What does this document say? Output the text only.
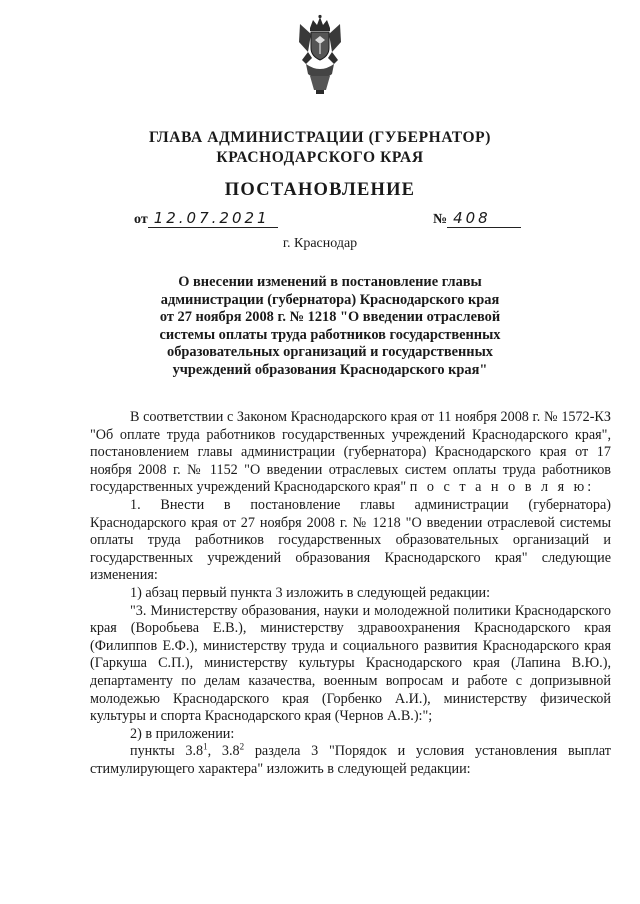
ГЛАВА АДМИНИСТРАЦИИ (ГУБЕРНАТОР)
КРАСНОДАРСКОГО КРАЯ
ПОСТАНОВЛЕНИЕ
от 12.07.2021	№ 408
г. Краснодар
О внесении изменений в постановление главы
администрации (губернатора) Краснодарского края
от 27 ноября 2008 г. № 1218 "О введении отраслевой
системы оплаты труда работников государственных
образовательных организаций и государственных
учреждений образования Краснодарского края"

В соответствии с Законом Краснодарского края от 11 ноября 2008 г. № 1572-КЗ "Об оплате труда работников государственных учреждений Краснодарского края", постановлением главы администрации (губернатора) Краснодарского края от 17 ноября 2008 г. № 1152 "О введении отраслевых систем оплаты труда работников государственных учреждений Краснодарского края" п о с т а н о в л я ю:

1. Внести в постановление главы администрации (губернатора) Краснодарского края от 27 ноября 2008 г. № 1218 "О введении отраслевой системы оплаты труда работников государственных образовательных организаций и государственных учреждений образования Краснодарского края" следующие изменения:

1) абзац первый пункта 3 изложить в следующей редакции:

"3. Министерству образования, науки и молодежной политики Краснодарского края (Воробьева Е.В.), министерству здравоохранения Краснодарского края (Филиппов Е.Ф.), министерству труда и социального развития Краснодарского края (Гаркуша С.П.), министерству культуры Краснодарского края (Лапина В.Ю.), департаменту по делам казачества, военным вопросам и работе с допризывной молодежью Краснодарского края (Горбенко А.И.), министерству физической культуры и спорта Краснодарского края (Чернов А.В.):";

2) в приложении:

пункты $3.8^1$, $3.8^2$ раздела 3 "Порядок и условия установления выплат стимулирующего характера" изложить в следующей редакции:
